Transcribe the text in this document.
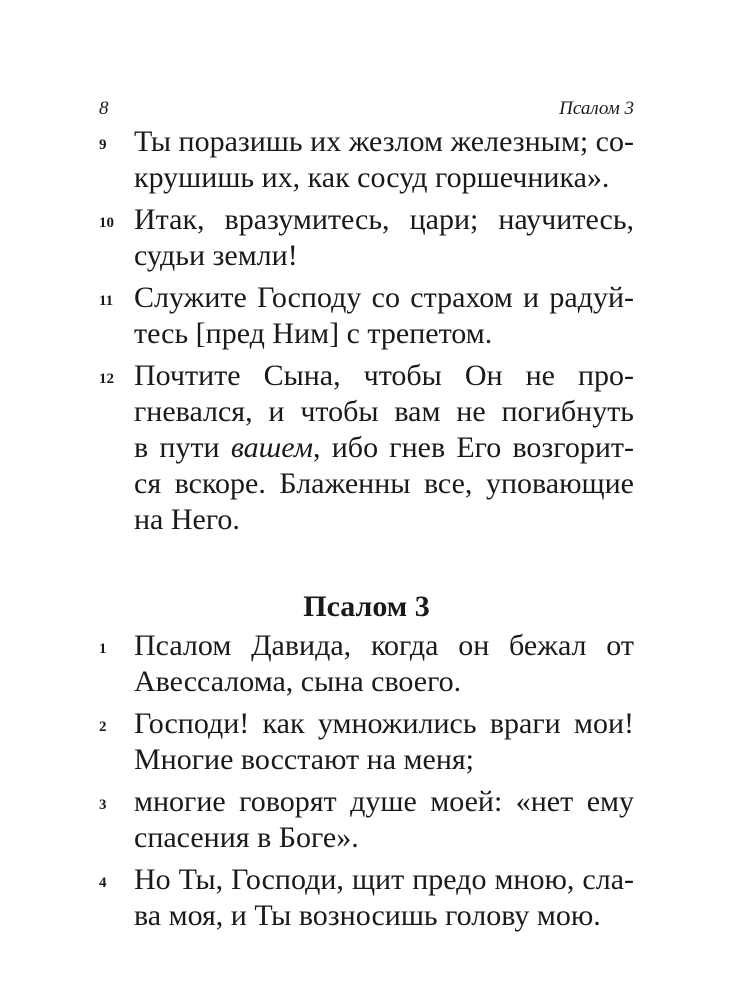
8	Псалом 3
9 Ты поразишь их жезлом железным; со-
крушишь их, как сосуд горшечника».
10 Итак, вразумитесь, цари; научитесь,
судьи земли!
11 Служите Господу со страхом и радуй-
тесь [пред Ним] с трепетом.
12 Почтите Сына, чтобы Он не про-
гневался, и чтобы вам не погибнуть
в пути вашем, ибо гнев Его возгорит-
ся вскоре. Блаженны все, уповающие
на Него.
Псалом 3
1 Псалом Давида, когда он бежал от
Авессалома, сына своего.
2 Господи! как умножились враги мои!
Многие восстают на меня;
3 многие говорят душе моей: «нет ему
спасения в Боге».
4 Но Ты, Господи, щит предо мною, сла-
ва моя, и Ты возносишь голову мою.
